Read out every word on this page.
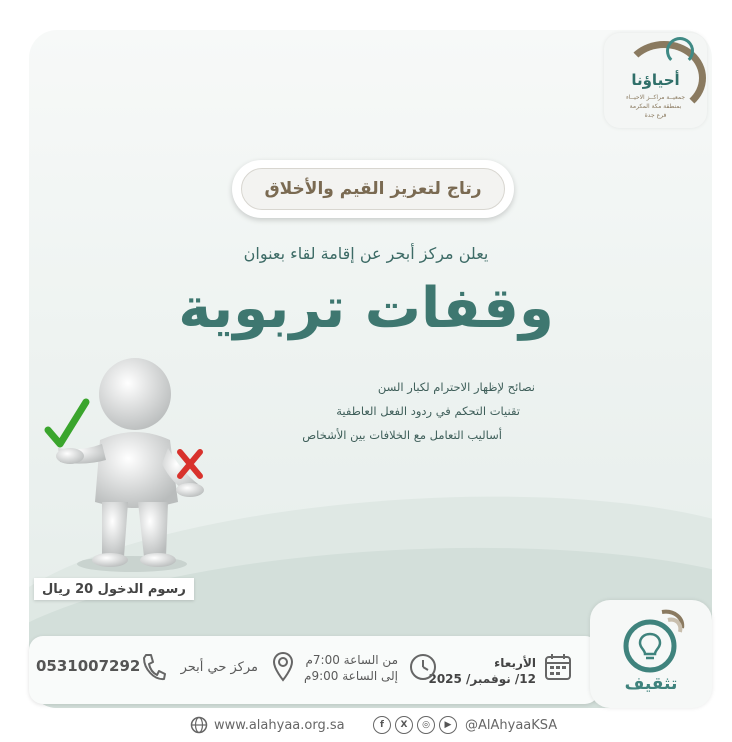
أحياؤنا
جمعيــة مراكــز الاحيــاء
بمنطقة مكة المكرمة
فرع جدة
رتاج لتعزيز القيم والأخلاق
يعلن مركز أبحر عن إقامة لقاء بعنوان
وقفات تربوية
نصائح لإظهار الاحترام لكبار السن
تقنيات التحكم في ردود الفعل العاطفية
أساليب التعامل مع الخلافات بين الأشخاص
رسوم الدخول 20 ريال
الأربعاء
12/ نوفمبر/ 2025
من الساعة 7:00م
إلى الساعة 9:00م
مركز حي أبحر
0531007292
تثقيف
www.alahyaa.org.sa	f	X	◎	▶	@AlAhyaaKSA
